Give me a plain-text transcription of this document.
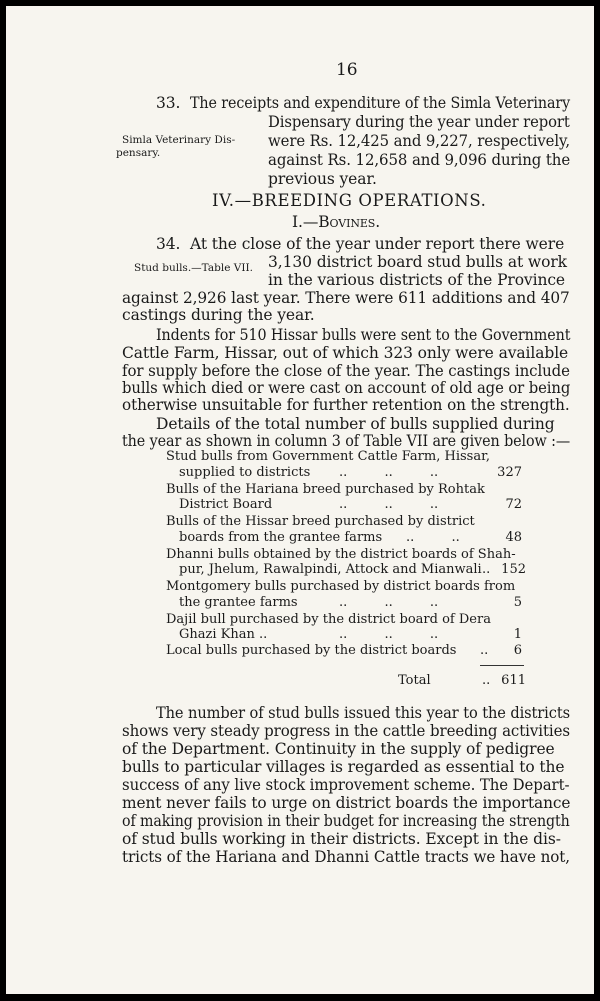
16
33. The receipts and expenditure of the Simla Veterinary
Dispensary during the year under report
were Rs. 12,425 and 9,227, respectively,
against Rs. 12,658 and 9,096 during the
previous year.
Simla Veterinary Dis-
pensary.
IV.—BREEDING OPERATIONS.
I.—Bovines.
34. At the close of the year under report there were
3,130 district board stud bulls at work
in the various districts of the Province
against 2,926 last year. There were 611 additions and 407
castings during the year.
Stud bulls.—Table VII.
Indents for 510 Hissar bulls were sent to the Government
Cattle Farm, Hissar, out of which 323 only were available
for supply before the close of the year. The castings include
bulls which died or were cast on account of old age or being
otherwise unsuitable for further retention on the strength.
Details of the total number of bulls supplied during
the year as shown in column 3 of Table VII are given below :—
Stud bulls from Government Cattle Farm, Hissar,
supplied to districts ..         ..         ..	327
Bulls of the Hariana breed purchased by Rohtak
District Board	..         ..         ..	72
Bulls of the Hissar breed purchased by district
boards from the grantee farms ..         ..	48
Dhanni bulls obtained by the district boards of Shah-
pur, Jhelum, Rawalpindi, Attock and Mianwali .. 152
Montgomery bulls purchased by district boards from
the grantee farms	..         ..         ..	5
Dajil bull purchased by the district board of Dera
Ghazi Khan ..	..         ..         ..	1
Local bulls purchased by the district boards ..	6
Total	.. 611
The number of stud bulls issued this year to the districts
shows very steady progress in the cattle breeding activities
of the Department. Continuity in the supply of pedigree
bulls to particular villages is regarded as essential to the
success of any live stock improvement scheme. The Depart-
ment never fails to urge on district boards the importance
of making provision in their budget for increasing the strength
of stud bulls working in their districts. Except in the dis-
tricts of the Hariana and Dhanni Cattle tracts we have not,
